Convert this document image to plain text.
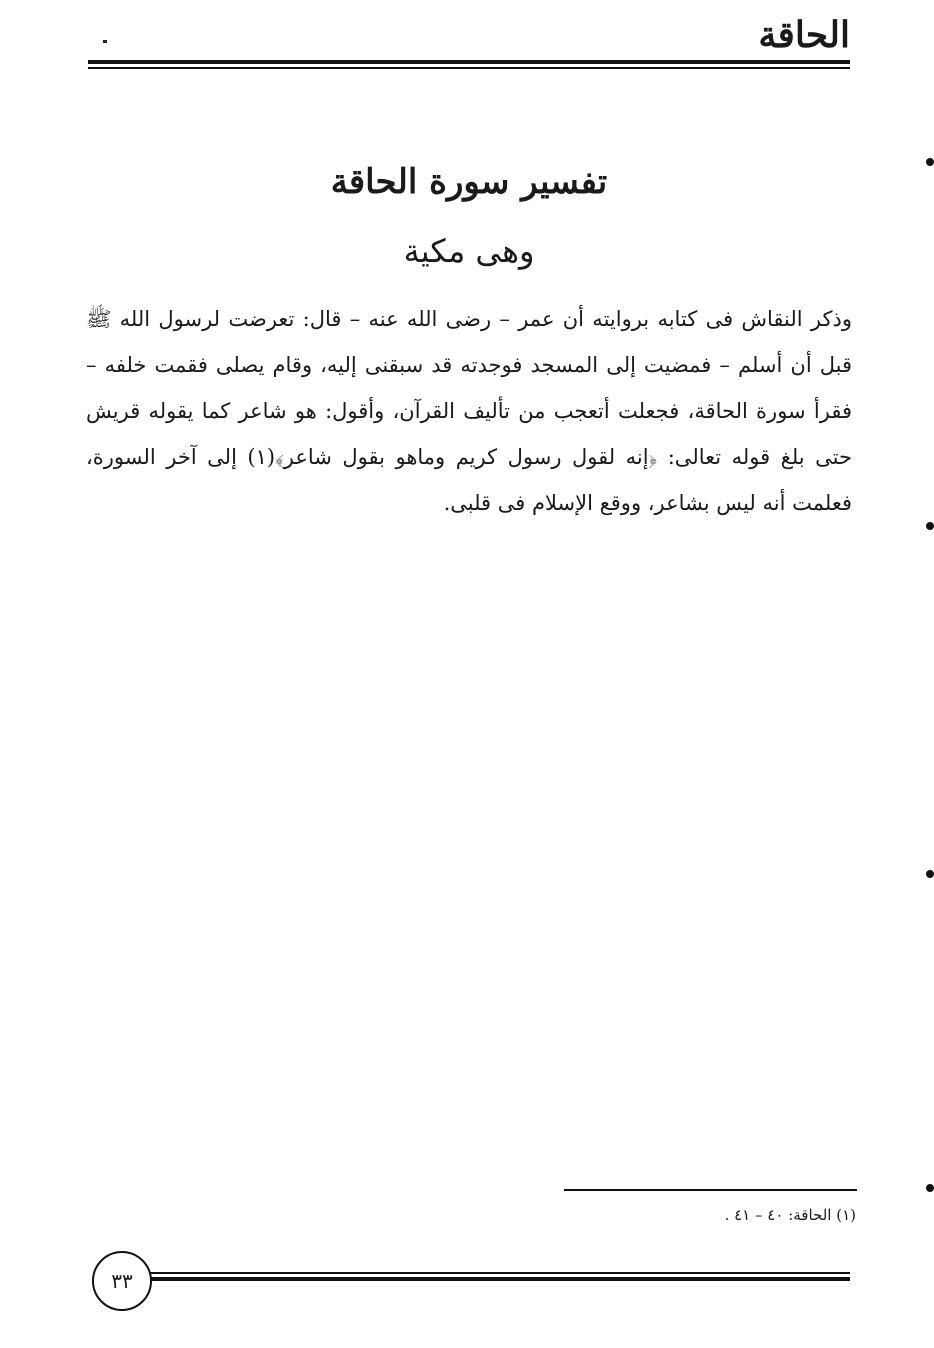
الحاقة
تفسير سورة الحاقة
وهى مكية

وذكر النقاش فى كتابه بروايته أن عمر – رضى الله عنه – قال: تعرضت لرسول الله ﷺ قبل أن أسلم – فمضيت إلى المسجد فوجدته قد سبقنى إليه، وقام يصلى فقمت خلفه – فقرأ سورة الحاقة، فجعلت أتعجب من تأليف القرآن، وأقول: هو شاعر كما يقوله قريش حتى بلغ قوله تعالى: ﴿إنه لقول رسول كريم وماهو بقول شاعر﴾(١) إلى آخر السورة، فعلمت أنه ليس بشاعر، ووقع الإسلام فى قلبى.

(١) الحاقة: ٤٠ – ٤١ .
٣٣
